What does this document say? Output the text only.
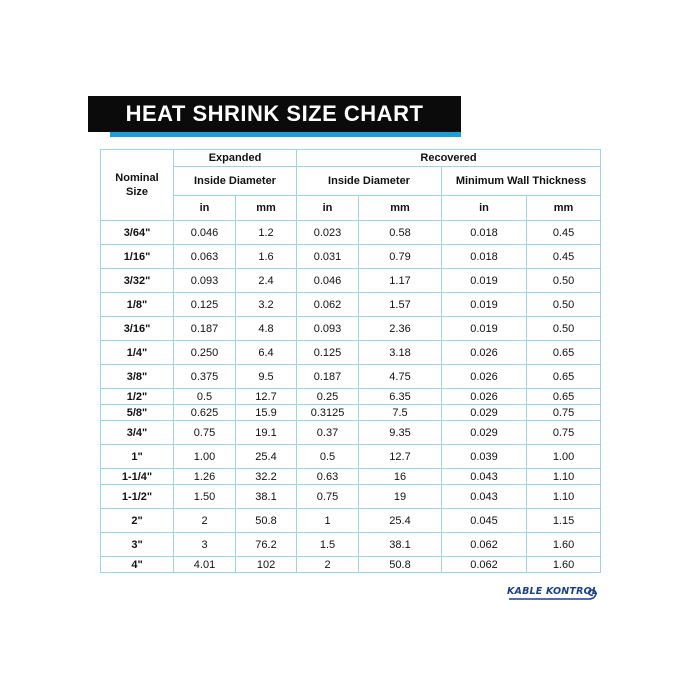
HEAT SHRINK SIZE CHART
Nominal Size	Expanded		Recovered			
	Inside Diameter		Inside Diameter		Minimum Wall Thickness	
	in	mm	in	mm	in	mm
3/64"	0.046	1.2	0.023	0.58	0.018	0.45
1/16"	0.063	1.6	0.031	0.79	0.018	0.45
3/32"	0.093	2.4	0.046	1.17	0.019	0.50
1/8"	0.125	3.2	0.062	1.57	0.019	0.50
3/16"	0.187	4.8	0.093	2.36	0.019	0.50
1/4"	0.250	6.4	0.125	3.18	0.026	0.65
3/8"	0.375	9.5	0.187	4.75	0.026	0.65
1/2"	0.5	12.7	0.25	6.35	0.026	0.65
5/8"	0.625	15.9	0.3125	7.5	0.029	0.75
3/4"	0.75	19.1	0.37	9.35	0.029	0.75
1"	1.00	25.4	0.5	12.7	0.039	1.00
1-1/4"	1.26	32.2	0.63	16	0.043	1.10
1-1/2"	1.50	38.1	0.75	19	0.043	1.10
2"	2	50.8	1	25.4	0.045	1.15
3"	3	76.2	1.5	38.1	0.062	1.60
4"	4.01	102	2	50.8	0.062	1.60
KABLE KONTROL
